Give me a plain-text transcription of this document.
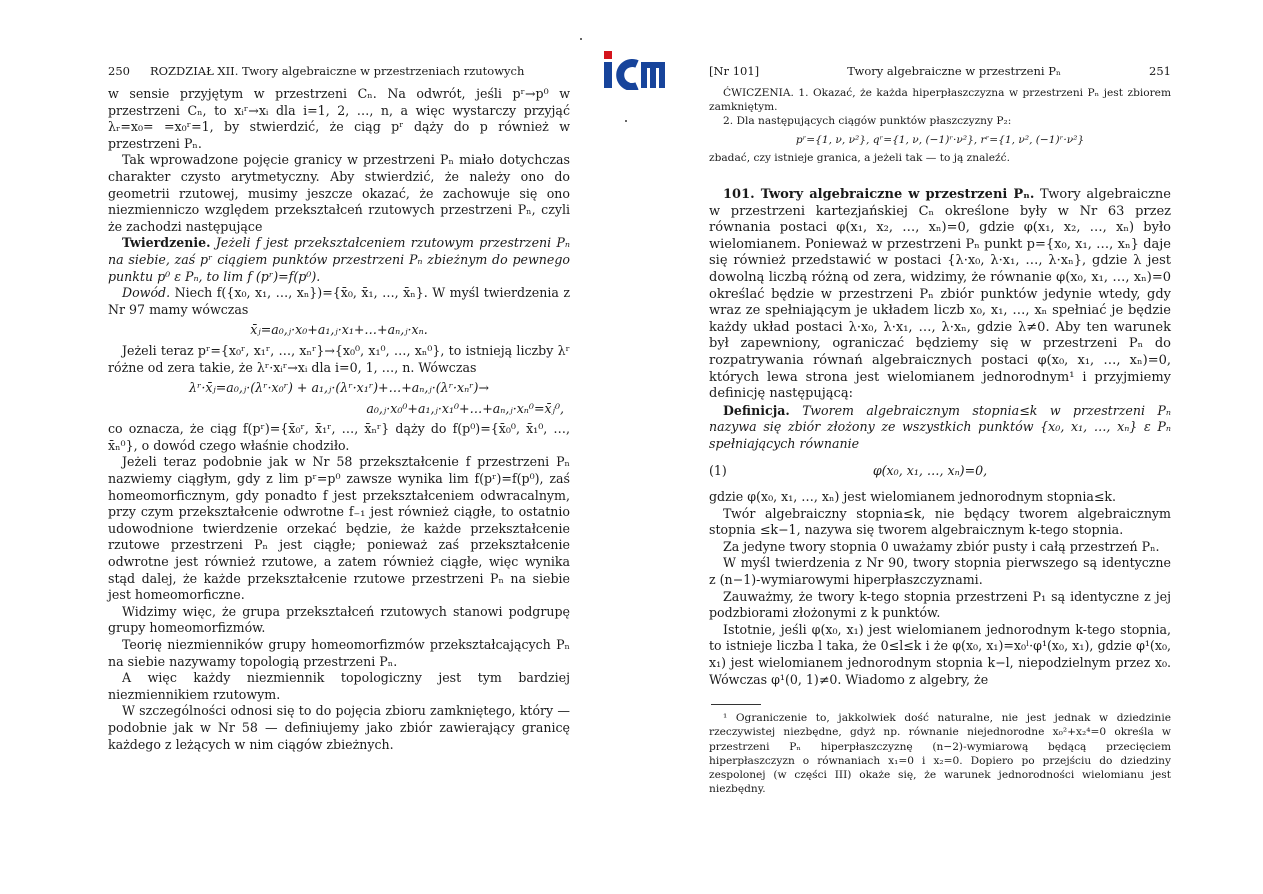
250	ROZDZIAŁ XII. Twory algebraiczne w przestrzeniach rzutowych

w sensie przyjętym w przestrzeni Cₙ. Na odwrót, jeśli pʳ→p⁰ w przestrzeni Cₙ, to xᵢʳ→xᵢ dla i=1, 2, …, n, a więc wystarczy przyjąć λᵣ=x₀= =x₀ʳ=1, by stwierdzić, że ciąg pʳ dąży do p również w przestrzeni Pₙ.

Tak wprowadzone pojęcie granicy w przestrzeni Pₙ miało dotychczas charakter czysto arytmetyczny. Aby stwierdzić, że należy ono do geometrii rzutowej, musimy jeszcze okazać, że zachowuje się ono niezmienniczo względem przekształceń rzutowych przestrzeni Pₙ, czyli że zachodzi następujące

Twierdzenie. Jeżeli f jest przekształceniem rzutowym przestrzeni Pₙ na siebie, zaś pʳ ciągiem punktów przestrzeni Pₙ zbieżnym do pewnego punktu p⁰ ε Pₙ, to lim f (pʳ)=f(p⁰).

Dowód. Niech f({x₀, x₁, …, xₙ})={x̄₀, x̄₁, …, x̄ₙ}. W myśl twierdzenia z Nr 97 mamy wówczas

x̄ⱼ=a₀,ⱼ·x₀+a₁,ⱼ·x₁+…+aₙ,ⱼ·xₙ.

Jeżeli teraz pʳ={x₀ʳ, x₁ʳ, …, xₙʳ}→{x₀⁰, x₁⁰, …, xₙ⁰}, to istnieją liczby λʳ różne od zera takie, że λʳ·xᵢʳ→xᵢ dla i=0, 1, …, n. Wówczas

λʳ·x̄ⱼ=a₀,ⱼ·(λʳ·x₀ʳ) + a₁,ⱼ·(λʳ·x₁ʳ)+…+aₙ,ⱼ·(λʳ·xₙʳ)→
a₀,ⱼ·x₀⁰+a₁,ⱼ·x₁⁰+…+aₙ,ⱼ·xₙ⁰=x̄ⱼ⁰,

co oznacza, że ciąg f(pʳ)={x̄₀ʳ, x̄₁ʳ, …, x̄ₙʳ} dąży do f(p⁰)={x̄₀⁰, x̄₁⁰, …, x̄ₙ⁰}, o dowód czego właśnie chodziło.

Jeżeli teraz podobnie jak w Nr 58 przekształcenie f przestrzeni Pₙ nazwiemy ciągłym, gdy z lim pʳ=p⁰ zawsze wynika lim f(pʳ)=f(p⁰), zaś homeomorficznym, gdy ponadto f jest przekształceniem odwracalnym, przy czym przekształcenie odwrotne f₋₁ jest również ciągłe, to ostatnio udowodnione twierdzenie orzekać będzie, że każde przekształcenie rzutowe przestrzeni Pₙ jest ciągłe; ponieważ zaś przekształcenie odwrotne jest również rzutowe, a zatem również ciągłe, więc wynika stąd dalej, że każde przekształcenie rzutowe przestrzeni Pₙ na siebie jest homeomorficzne.

Widzimy więc, że grupa przekształceń rzutowych stanowi podgrupę grupy homeomorfizmów.

Teorię niezmienników grupy homeomorfizmów przekształcających Pₙ na siebie nazywamy topologią przestrzeni Pₙ.

A więc każdy niezmiennik topologiczny jest tym bardziej niezmiennikiem rzutowym.

W szczególności odnosi się to do pojęcia zbioru zamkniętego, który — podobnie jak w Nr 58 — definiujemy jako zbiór zawierający granicę każdego z leżących w nim ciągów zbieżnych.

[Nr 101]	Twory algebraiczne w przestrzeni Pₙ	251

ĆWICZENIA. 1. Okazać, że każda hiperpłaszczyzna w przestrzeni Pₙ jest zbiorem zamkniętym.

2. Dla następujących ciągów punktów płaszczyzny P₂:

pʳ={1, ν, ν²}, qʳ={1, ν, (−1)ʳ·ν²}, rʳ={1, ν², (−1)ʳ·ν²}

zbadać, czy istnieje granica, a jeżeli tak — to ją znaleźć.

101. Twory algebraiczne w przestrzeni Pₙ. Twory algebraiczne w przestrzeni kartezjańskiej Cₙ określone były w Nr 63 przez równania postaci φ(x₁, x₂, …, xₙ)=0, gdzie φ(x₁, x₂, …, xₙ) było wielomianem. Ponieważ w przestrzeni Pₙ punkt p={x₀, x₁, …, xₙ} daje się również przedstawić w postaci {λ·x₀, λ·x₁, …, λ·xₙ}, gdzie λ jest dowolną liczbą różną od zera, widzimy, że równanie φ(x₀, x₁, …, xₙ)=0 określać będzie w przestrzeni Pₙ zbiór punktów jedynie wtedy, gdy wraz ze spełniającym je układem liczb x₀, x₁, …, xₙ spełniać je będzie każdy układ postaci λ·x₀, λ·x₁, …, λ·xₙ, gdzie λ≠0. Aby ten warunek był zapewniony, ograniczać będziemy się w przestrzeni Pₙ do rozpatrywania równań algebraicznych postaci φ(x₀, x₁, …, xₙ)=0, których lewa strona jest wielomianem jednorodnym¹ i przyjmiemy definicję następującą:

Definicja. Tworem algebraicznym stopnia≤k w przestrzeni Pₙ nazywa się zbiór złożony ze wszystkich punktów {x₀, x₁, …, xₙ} ε Pₙ spełniających równanie

(1)	φ(x₀, x₁, …, xₙ)=0,

gdzie φ(x₀, x₁, …, xₙ) jest wielomianem jednorodnym stopnia≤k.

Twór algebraiczny stopnia≤k, nie będący tworem algebraicznym stopnia ≤k−1, nazywa się tworem algebraicznym k-tego stopnia.

Za jedyne twory stopnia 0 uważamy zbiór pusty i całą przestrzeń Pₙ.

W myśl twierdzenia z Nr 90, twory stopnia pierwszego są identyczne z (n−1)-wymiarowymi hiperpłaszczyznami.

Zauważmy, że twory k-tego stopnia przestrzeni P₁ są identyczne z jej podzbiorami złożonymi z k punktów.

Istotnie, jeśli φ(x₀, x₁) jest wielomianem jednorodnym k-tego stopnia, to istnieje liczba l taka, że 0≤l≤k i że φ(x₀, x₁)=x₀ˡ·φ¹(x₀, x₁), gdzie φ¹(x₀, x₁) jest wielomianem jednorodnym stopnia k−l, niepodzielnym przez x₀. Wówczas φ¹(0, 1)≠0. Wiadomo z algebry, że

¹ Ograniczenie to, jakkolwiek dość naturalne, nie jest jednak w dziedzinie rzeczywistej niezbędne, gdyż np. równanie niejednorodne x₀²+x₂⁴=0 określa w przestrzeni Pₙ hiperpłaszczyznę (n−2)-wymiarową będącą przecięciem hiperpłaszczyzn o równaniach x₁=0 i x₂=0. Dopiero po przejściu do dziedziny zespolonej (w części III) okaże się, że warunek jednorodności wielomianu jest niezbędny.
